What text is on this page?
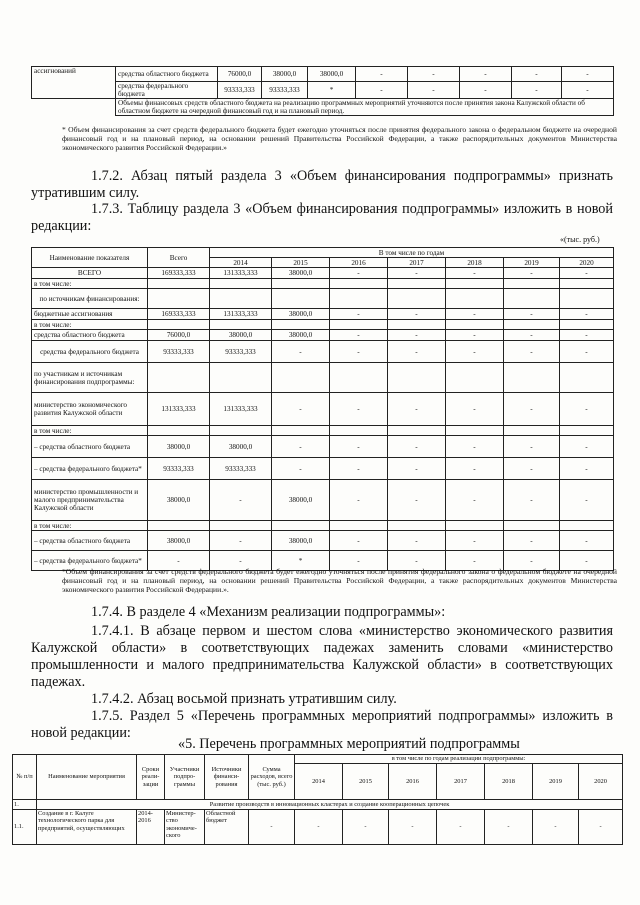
ассигнований	средства областного бюджета	76000,0	38000,0	38000,0	-	-	-	-	-
	средства федерального бюджета	93333,333	93333,333	*	-	-	-	-	-
	Объемы финансовых средств областного бюджета на реализацию программных мероприятий уточняются после принятия закона Калужской области об областном бюджете на очередной финансовый год и на плановый период.								

* Объем финансирования за счет средств федерального бюджета будет ежегодно уточняться после принятия федерального закона о федеральном бюджете на очередной финансовый год и на плановый период, на основании решений Правительства Российской Федерации, а также распорядительных документов Министерства экономического развития Российской Федерации.»

1.7.2. Абзац пятый раздела 3 «Объем финансирования подпрограммы» признать утратившим силу.

1.7.3. Таблицу раздела 3 «Объем финансирования подпрограммы» изложить в новой редакции:

«(тыс. руб.)
Наименование показателя	Всего	В том числе по годам						
		2014	2015	2016	2017	2018	2019	2020
ВСЕГО	169333,333	131333,333	38000,0	-	-	-	-	-
в том числе:								
по источникам финансирования:								
бюджетные ассигнования	169333,333	131333,333	38000,0	-	-	-	-	-
в том числе:								
средства областного бюджета	76000,0	38000,0	38000,0	-	-	-	-	-
средства федерального бюджета	93333,333	93333,333	-	-	-	-	-	-
по участникам и источникам финансирования подпрограммы:								
министерство экономического развития Калужской области	131333,333	131333,333	-	-	-	-	-	-
в том числе:								
– средства областного бюджета	38000,0	38000,0	-	-	-	-	-	-
– средства федерального бюджета*	93333,333	93333,333	-	-	-	-	-	-
министерство промышленности и малого предпринимательства Калужской области	38000,0	-	38000,0	-	-	-	-	-
в том числе:								
– средства областного бюджета	38000,0	-	38000,0	-	-	-	-	-
– средства федерального бюджета*	-	-	*	-	-	-	-	-

*Объем финансирования за счет средств федерального бюджета будет ежегодно уточняться после принятия федерального закона о федеральном бюджете на очередной финансовый год и на плановый период, на основании решений Правительства Российской Федерации, а также распорядительных документов Министерства экономического развития Российской Федерации.».

1.7.4. В разделе 4 «Механизм реализации подпрограммы»:

1.7.4.1. В абзаце первом и шестом слова «министерство экономического развития Калужской области» в соответствующих падежах заменить словами «министерство промышленности и малого предпринимательства Калужской области» в соответствующих падежах.

1.7.4.2. Абзац восьмой признать утратившим силу.

1.7.5. Раздел 5 «Перечень программных мероприятий подпрограммы» изложить в новой редакции:

«5. Перечень программных мероприятий подпрограммы
№ п/п	Наименование мероприятия	Сроки реали-зации	Участники подпро-граммы	Источники финанси-рования	Сумма расходов, всего (тыс. руб.)	в том числе по годам реализации подпрограммы:						
						2014	2015	2016	2017	2018	2019	2020
1.	Развитие производств в инновационных кластерах и создание кооперационных цепочек											
1.1.	Создание в г. Калуге технологического парка для предприятий, осуществляющих	2014-2016	Министер-ство экономиче-ского	Областной бюджет	-	-	-	-	-	-	-	-
